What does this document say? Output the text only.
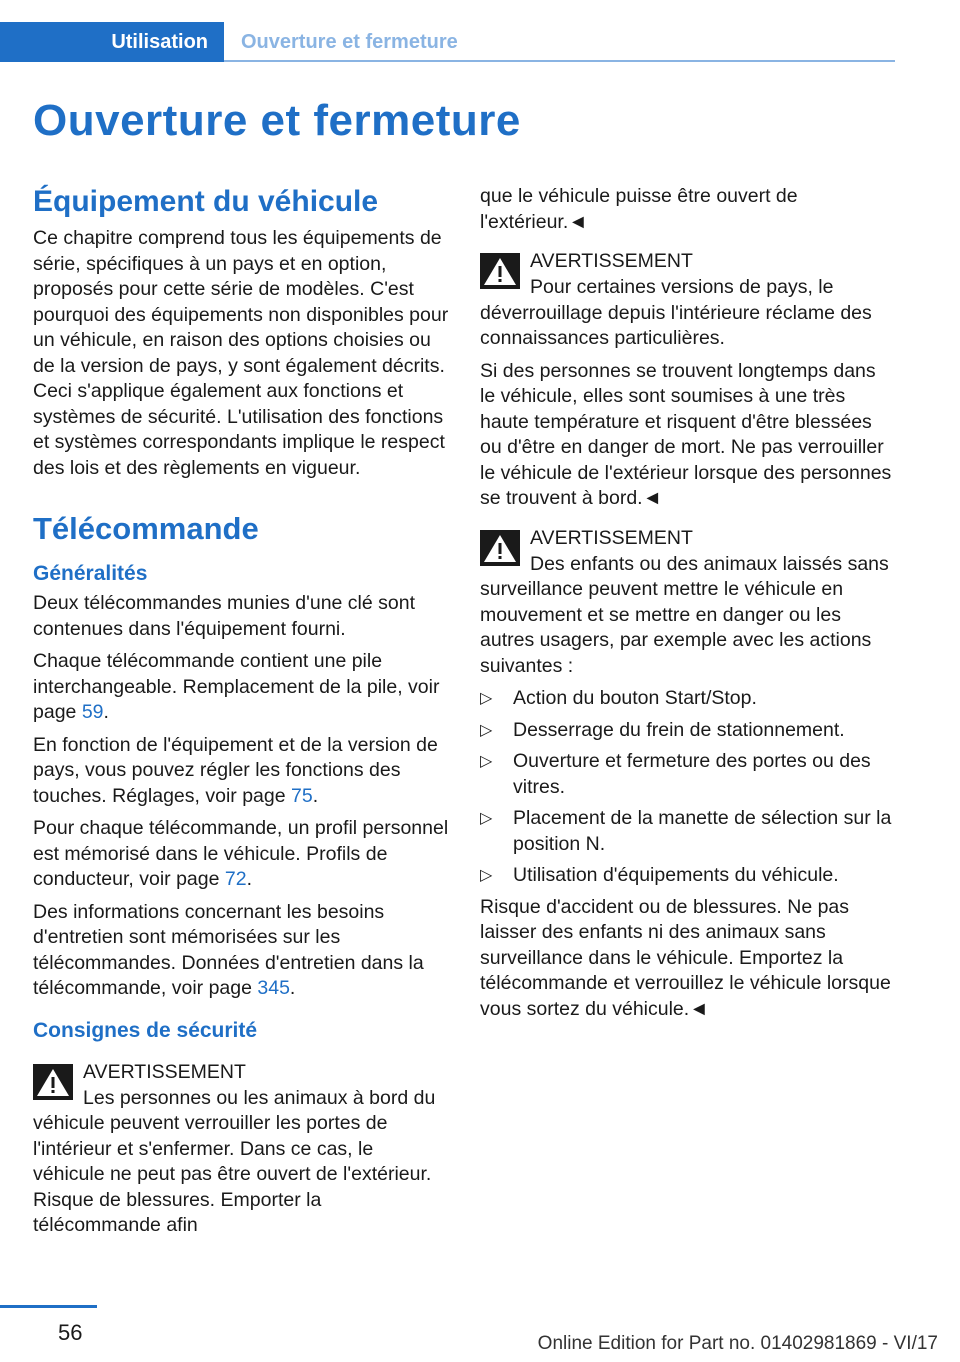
Utilisation Ouverture et fermeture
Ouverture et fermeture
Équipement du véhicule

Ce chapitre comprend tous les équipements de série, spécifiques à un pays et en option, proposés pour cette série de modèles. C'est pourquoi des équipements non disponibles pour un véhicule, en raison des options choisies ou de la version de pays, y sont également décrits. Ceci s'applique également aux fonctions et systèmes de sécurité. L'utilisation des fonctions et systèmes correspondants implique le respect des lois et des règlements en vigueur.

Télécommande
Généralités

Deux télécommandes munies d'une clé sont contenues dans l'équipement fourni.

Chaque télécommande contient une pile interchangeable. Remplacement de la pile, voir page 59.

En fonction de l'équipement et de la version de pays, vous pouvez régler les fonctions des touches. Réglages, voir page 75.

Pour chaque télécommande, un profil personnel est mémorisé dans le véhicule. Profils de conducteur, voir page 72.

Des informations concernant les besoins d'entretien sont mémorisées sur les télécommandes. Données d'entretien dans la télécommande, voir page 345.

Consignes de sécurité
AVERTISSEMENT

Les personnes ou les animaux à bord du véhicule peuvent verrouiller les portes de l'intérieur et s'enfermer. Dans ce cas, le véhicule ne peut pas être ouvert de l'extérieur. Risque de blessures. Emporter la télécommande afin

que le véhicule puisse être ouvert de l'extérieur.◄

AVERTISSEMENT

Pour certaines versions de pays, le déverrouillage depuis l'intérieure réclame des connaissances particulières.

Si des personnes se trouvent longtemps dans le véhicule, elles sont soumises à une très haute température et risquent d'être blessées ou d'être en danger de mort. Ne pas verrouiller le véhicule de l'extérieur lorsque des personnes se trouvent à bord.◄

AVERTISSEMENT

Des enfants ou des animaux laissés sans surveillance peuvent mettre le véhicule en mouvement et se mettre en danger ou les autres usagers, par exemple avec les actions suivantes :

▷ Action du bouton Start/Stop.
▷ Desserrage du frein de stationnement.
▷ Ouverture et fermeture des portes ou des vitres.
▷ Placement de la manette de sélection sur la position N.
▷ Utilisation d'équipements du véhicule.

Risque d'accident ou de blessures. Ne pas laisser des enfants ni des animaux sans surveillance dans le véhicule. Emportez la télécommande et verrouillez le véhicule lorsque vous sortez du véhicule.◄

56	Online Edition for Part no. 01402981869 - VI/17
